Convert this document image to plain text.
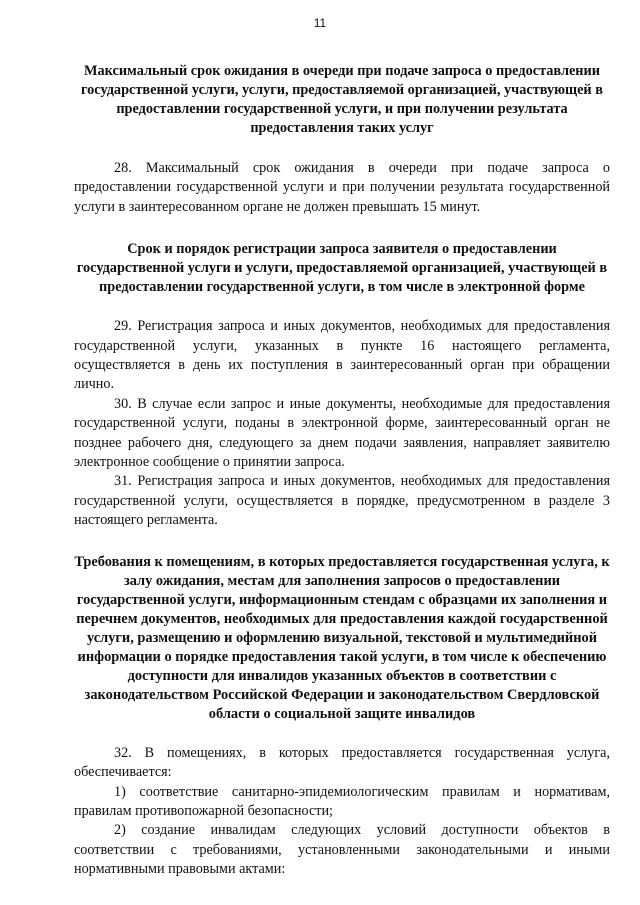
11

Максимальный срок ожидания в очереди при подаче запроса о предоставлении государственной услуги, услуги, предоставляемой организацией, участвующей в предоставлении государственной услуги, и при получении результата предоставления таких услуг

28. Максимальный срок ожидания в очереди при подаче запроса о предоставлении государственной услуги и при получении результата государственной услуги в заинтересованном органе не должен превышать 15 минут.

Срок и порядок регистрации запроса заявителя о предоставлении государственной услуги и услуги, предоставляемой организацией, участвующей в предоставлении государственной услуги, в том числе в электронной форме

29. Регистрация запроса и иных документов, необходимых для предоставления государственной услуги, указанных в пункте 16 настоящего регламента, осуществляется в день их поступления в заинтересованный орган при обращении лично.

30. В случае если запрос и иные документы, необходимые для предоставления государственной услуги, поданы в электронной форме, заинтересованный орган не позднее рабочего дня, следующего за днем подачи заявления, направляет заявителю электронное сообщение о принятии запроса.

31. Регистрация запроса и иных документов, необходимых для предоставления государственной услуги, осуществляется в порядке, предусмотренном в разделе 3 настоящего регламента.

Требования к помещениям, в которых предоставляется государственная услуга, к залу ожидания, местам для заполнения запросов о предоставлении государственной услуги, информационным стендам с образцами их заполнения и перечнем документов, необходимых для предоставления каждой государственной услуги, размещению и оформлению визуальной, текстовой и мультимедийной информации о порядке предоставления такой услуги, в том числе к обеспечению доступности для инвалидов указанных объектов в соответствии с законодательством Российской Федерации и законодательством Свердловской области о социальной защите инвалидов

32. В помещениях, в которых предоставляется государственная услуга, обеспечивается:

1) соответствие санитарно-эпидемиологическим правилам и нормативам, правилам противопожарной безопасности;

2) создание инвалидам следующих условий доступности объектов в соответствии с требованиями, установленными законодательными и иными нормативными правовыми актами:
